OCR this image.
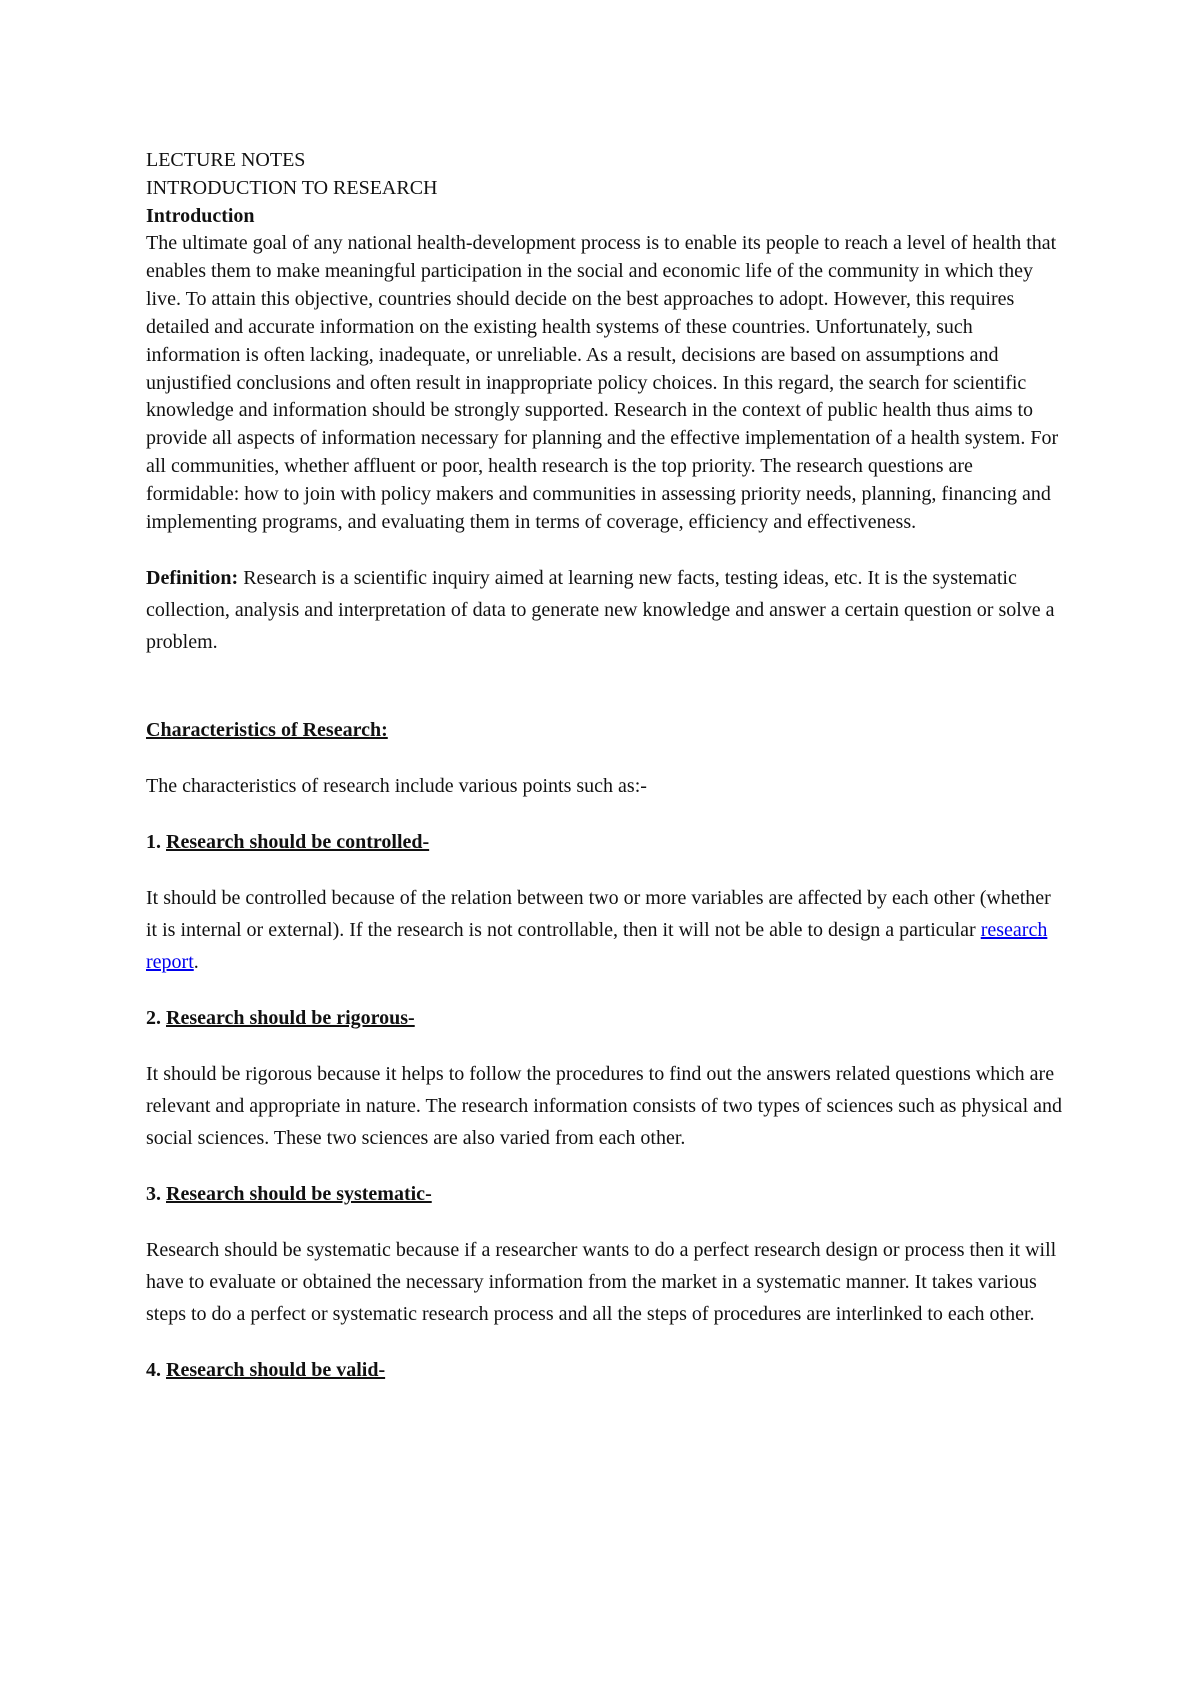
LECTURE NOTES

INTRODUCTION TO RESEARCH

Introduction

The ultimate goal of any national health-development process is to enable its people to reach a level of health that enables them to make meaningful participation in the social and economic life of the community in which they live. To attain this objective, countries should decide on the best approaches to adopt. However, this requires detailed and accurate information on the existing health systems of these countries. Unfortunately, such information is often lacking, inadequate, or unreliable. As a result, decisions are based on assumptions and unjustified conclusions and often result in inappropriate policy choices. In this regard, the search for scientific knowledge and information should be strongly supported. Research in the context of public health thus aims to provide all aspects of information necessary for planning and the effective implementation of a health system. For all communities, whether affluent or poor, health research is the top priority. The research questions are formidable: how to join with policy makers and communities in assessing priority needs, planning, financing and implementing programs, and evaluating them in terms of coverage, efficiency and effectiveness.

Definition: Research is a scientific inquiry aimed at learning new facts, testing ideas, etc. It is the systematic collection, analysis and interpretation of data to generate new knowledge and answer a certain question or solve a problem.

Characteristics of Research:

The characteristics of research include various points such as:-

1. Research should be controlled-

It should be controlled because of the relation between two or more variables are affected by each other (whether it is internal or external). If the research is not controllable, then it will not be able to design a particular research report.

2. Research should be rigorous-

It should be rigorous because it helps to follow the procedures to find out the answers related questions which are relevant and appropriate in nature. The research information consists of two types of sciences such as physical and social sciences. These two sciences are also varied from each other.

3. Research should be systematic-

Research should be systematic because if a researcher wants to do a perfect research design or process then it will have to evaluate or obtained the necessary information from the market in a systematic manner. It takes various steps to do a perfect or systematic research process and all the steps of procedures are interlinked to each other.

4. Research should be valid-
